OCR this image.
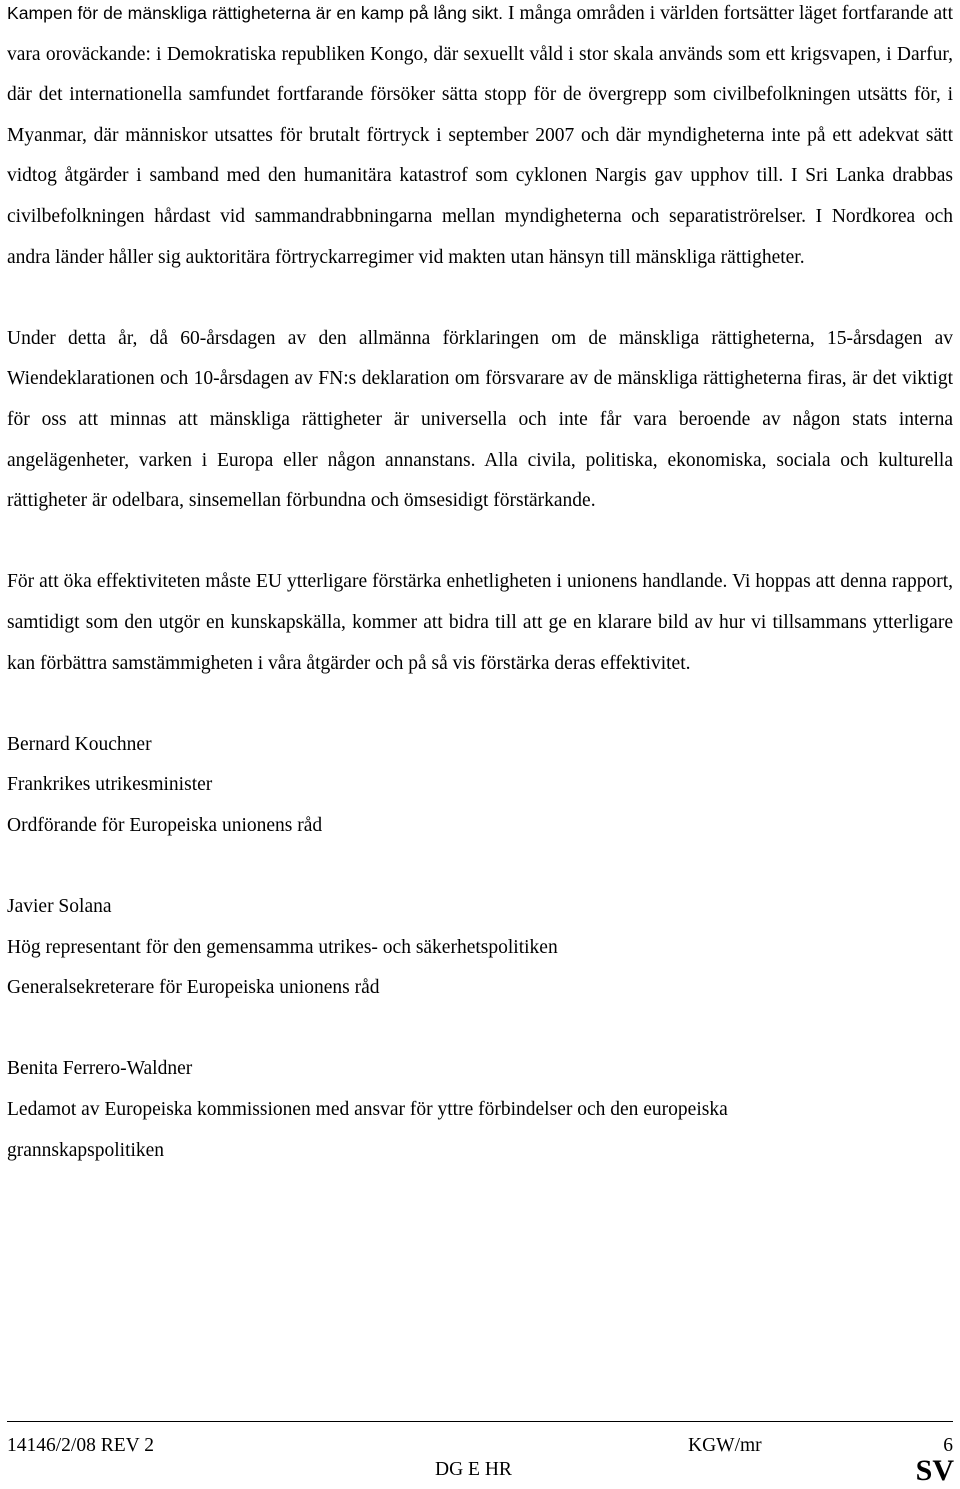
Kampen för de mänskliga rättigheterna är en kamp på lång sikt. I många områden i världen fortsätter läget fortfarande att vara oroväckande: i Demokratiska republiken Kongo, där sexuellt våld i stor skala används som ett krigsvapen, i Darfur, där det internationella samfundet fortfarande försöker sätta stopp för de övergrepp som civilbefolkningen utsätts för, i Myanmar, där människor utsattes för brutalt förtryck i september 2007 och där myndigheterna inte på ett adekvat sätt vidtog åtgärder i samband med den humanitära katastrof som cyklonen Nargis gav upphov till. I Sri Lanka drabbas civilbefolkningen hårdast vid sammandrabbningarna mellan myndigheterna och separatiströrelser. I Nordkorea och andra länder håller sig auktoritära förtryckarregimer vid makten utan hänsyn till mänskliga rättigheter.

Under detta år, då 60-årsdagen av den allmänna förklaringen om de mänskliga rättigheterna, 15-årsdagen av Wiendeklarationen och 10-årsdagen av FN:s deklaration om försvarare av de mänskliga rättigheterna firas, är det viktigt för oss att minnas att mänskliga rättigheter är universella och inte får vara beroende av någon stats interna angelägenheter, varken i Europa eller någon annanstans. Alla civila, politiska, ekonomiska, sociala och kulturella rättigheter är odelbara, sinsemellan förbundna och ömsesidigt förstärkande.

För att öka effektiviteten måste EU ytterligare förstärka enhetligheten i unionens handlande. Vi hoppas att denna rapport, samtidigt som den utgör en kunskapskälla, kommer att bidra till att ge en klarare bild av hur vi tillsammans ytterligare kan förbättra samstämmigheten i våra åtgärder och på så vis förstärka deras effektivitet.

Bernard Kouchner
Frankrikes utrikesminister
Ordförande för Europeiska unionens råd
Javier Solana
Hög representant för den gemensamma utrikes- och säkerhetspolitiken
Generalsekreterare för Europeiska unionens råd
Benita Ferrero-Waldner
Ledamot av Europeiska kommissionen med ansvar för yttre förbindelser och den europeiska
grannskapspolitiken
14146/2/08 REV 2	KGW/mr	6
DG E HR	SV
